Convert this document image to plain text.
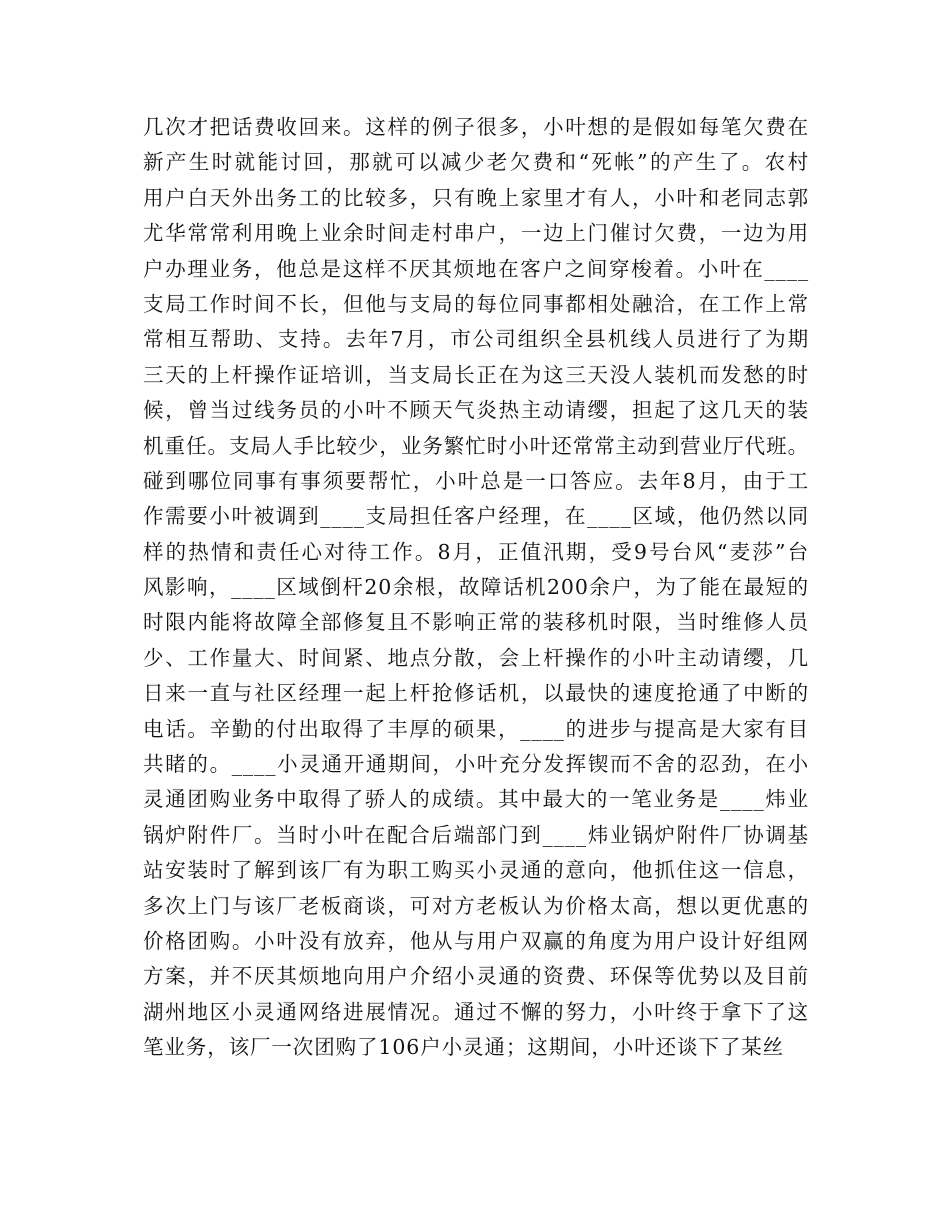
几次才把话费收回来。这样的例子很多，小叶想的是假如每笔欠费在
新产生时就能讨回，那就可以减少老欠费和“死帐”的产生了。农村
用户白天外出务工的比较多，只有晚上家里才有人，小叶和老同志郭
尤华常常利用晚上业余时间走村串户，一边上门催讨欠费，一边为用
户办理业务，他总是这样不厌其烦地在客户之间穿梭着。小叶在____
支局工作时间不长，但他与支局的每位同事都相处融洽，在工作上常
常相互帮助、支持。去年7月，市公司组织全县机线人员进行了为期
三天的上杆操作证培训，当支局长正在为这三天没人装机而发愁的时
候，曾当过线务员的小叶不顾天气炎热主动请缨，担起了这几天的装
机重任。支局人手比较少，业务繁忙时小叶还常常主动到营业厅代班。
碰到哪位同事有事须要帮忙，小叶总是一口答应。去年8月，由于工
作需要小叶被调到____支局担任客户经理，在____区域，他仍然以同
样的热情和责任心对待工作。8月，正值汛期，受9号台风“麦莎”台
风影响，____区域倒杆20余根，故障话机200余户，为了能在最短的
时限内能将故障全部修复且不影响正常的装移机时限，当时维修人员
少、工作量大、时间紧、地点分散，会上杆操作的小叶主动请缨，几
日来一直与社区经理一起上杆抢修话机，以最快的速度抢通了中断的
电话。辛勤的付出取得了丰厚的硕果，____的进步与提高是大家有目
共睹的。____小灵通开通期间，小叶充分发挥锲而不舍的忍劲，在小
灵通团购业务中取得了骄人的成绩。其中最大的一笔业务是____炜业
锅炉附件厂。当时小叶在配合后端部门到____炜业锅炉附件厂协调基
站安装时了解到该厂有为职工购买小灵通的意向，他抓住这一信息，
多次上门与该厂老板商谈，可对方老板认为价格太高，想以更优惠的
价格团购。小叶没有放弃，他从与用户双赢的角度为用户设计好组网
方案，并不厌其烦地向用户介绍小灵通的资费、环保等优势以及目前
湖州地区小灵通网络进展情况。通过不懈的努力，小叶终于拿下了这
笔业务，该厂一次团购了106户小灵通；这期间，小叶还谈下了某丝
